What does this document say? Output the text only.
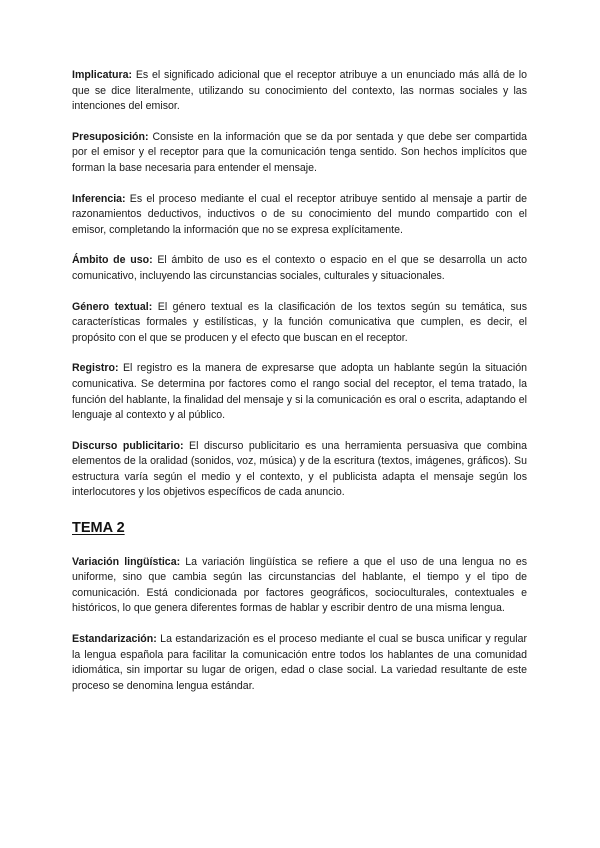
Implicatura: Es el significado adicional que el receptor atribuye a un enunciado más allá de lo que se dice literalmente, utilizando su conocimiento del contexto, las normas sociales y las intenciones del emisor.

Presuposición: Consiste en la información que se da por sentada y que debe ser compartida por el emisor y el receptor para que la comunicación tenga sentido. Son hechos implícitos que forman la base necesaria para entender el mensaje.

Inferencia: Es el proceso mediante el cual el receptor atribuye sentido al mensaje a partir de razonamientos deductivos, inductivos o de su conocimiento del mundo compartido con el emisor, completando la información que no se expresa explícitamente.

Ámbito de uso: El ámbito de uso es el contexto o espacio en el que se desarrolla un acto comunicativo, incluyendo las circunstancias sociales, culturales y situacionales.

Género textual: El género textual es la clasificación de los textos según su temática, sus características formales y estilísticas, y la función comunicativa que cumplen, es decir, el propósito con el que se producen y el efecto que buscan en el receptor.

Registro: El registro es la manera de expresarse que adopta un hablante según la situación comunicativa. Se determina por factores como el rango social del receptor, el tema tratado, la función del hablante, la finalidad del mensaje y si la comunicación es oral o escrita, adaptando el lenguaje al contexto y al público.

Discurso publicitario: El discurso publicitario es una herramienta persuasiva que combina elementos de la oralidad (sonidos, voz, música) y de la escritura (textos, imágenes, gráficos). Su estructura varía según el medio y el contexto, y el publicista adapta el mensaje según los interlocutores y los objetivos específicos de cada anuncio.

TEMA 2

Variación lingüística: La variación lingüística se refiere a que el uso de una lengua no es uniforme, sino que cambia según las circunstancias del hablante, el tiempo y el tipo de comunicación. Está condicionada por factores geográficos, socioculturales, contextuales e históricos, lo que genera diferentes formas de hablar y escribir dentro de una misma lengua.

Estandarización: La estandarización es el proceso mediante el cual se busca unificar y regular la lengua española para facilitar la comunicación entre todos los hablantes de una comunidad idiomática, sin importar su lugar de origen, edad o clase social. La variedad resultante de este proceso se denomina lengua estándar.
